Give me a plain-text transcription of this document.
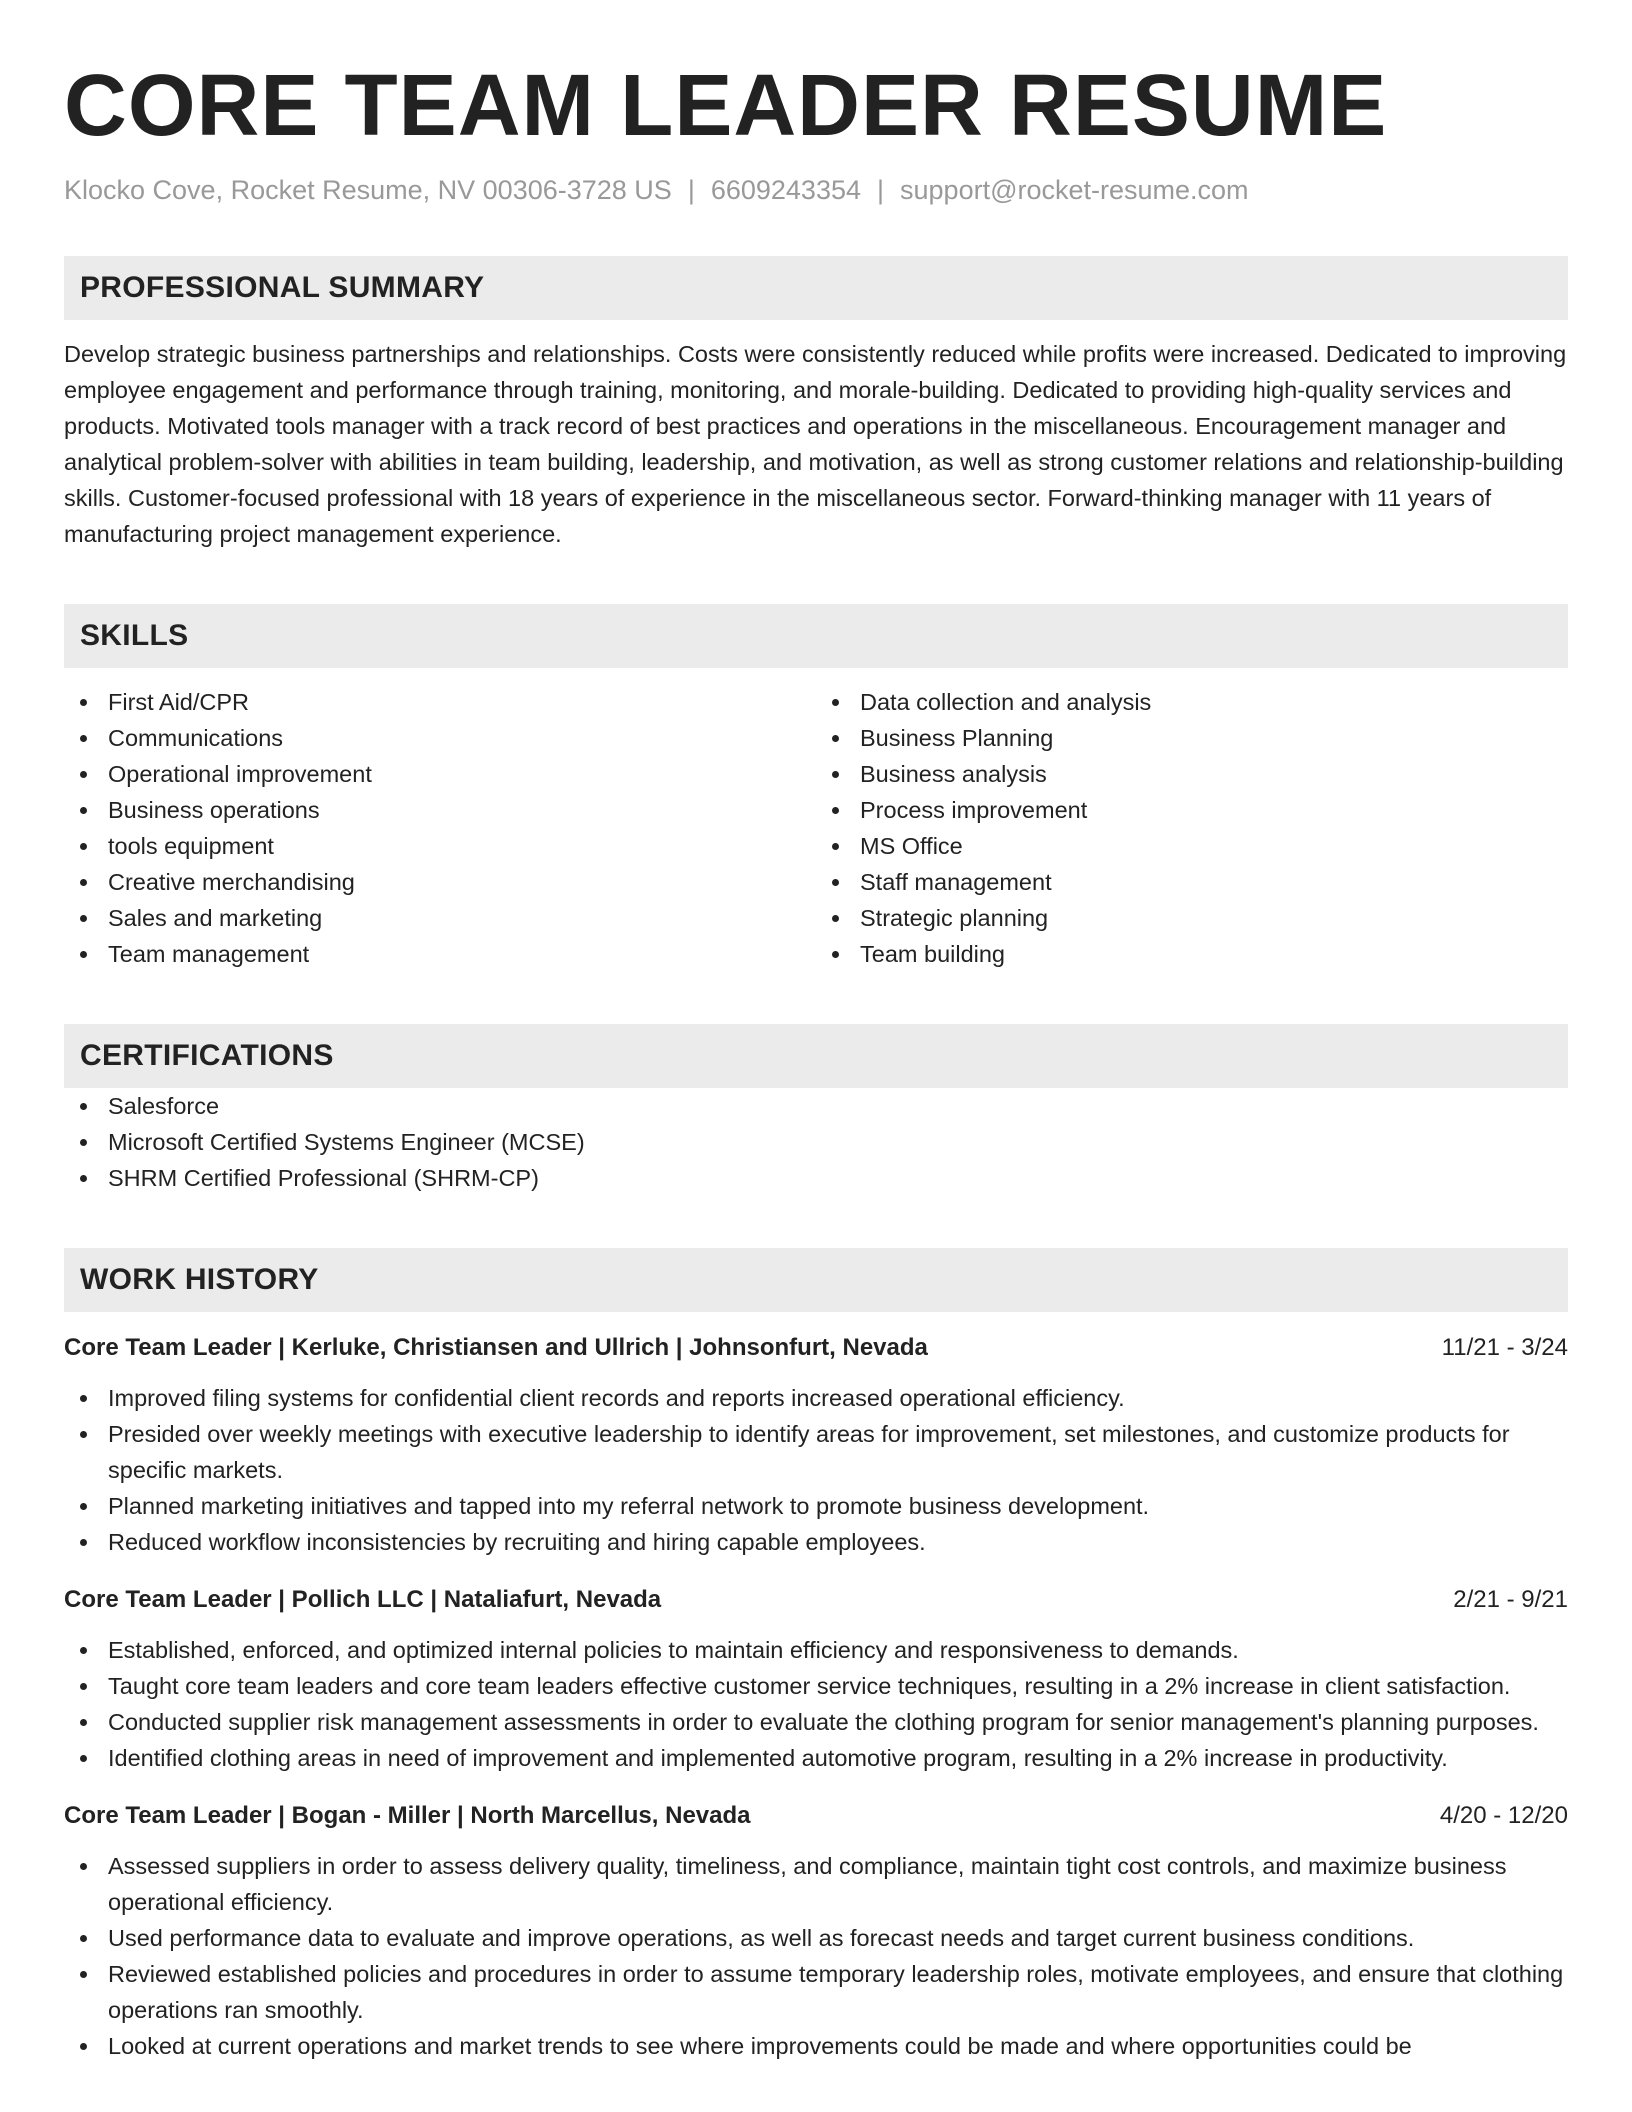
CORE TEAM LEADER RESUME
Klocko Cove, Rocket Resume, NV 00306-3728 US | 6609243354 | support@rocket-resume.com
PROFESSIONAL SUMMARY
Develop strategic business partnerships and relationships. Costs were consistently reduced while profits were increased. Dedicated to improving employee engagement and performance through training, monitoring, and morale-building. Dedicated to providing high-quality services and products. Motivated tools manager with a track record of best practices and operations in the miscellaneous. Encouragement manager and analytical problem-solver with abilities in team building, leadership, and motivation, as well as strong customer relations and relationship-building skills. Customer-focused professional with 18 years of experience in the miscellaneous sector. Forward-thinking manager with 11 years of manufacturing project management experience.
SKILLS
First Aid/CPR
Communications
Operational improvement
Business operations
tools equipment
Creative merchandising
Sales and marketing
Team management
Data collection and analysis
Business Planning
Business analysis
Process improvement
MS Office
Staff management
Strategic planning
Team building
CERTIFICATIONS
Salesforce
Microsoft Certified Systems Engineer (MCSE)
SHRM Certified Professional (SHRM-CP)
WORK HISTORY
Core Team Leader | Kerluke, Christiansen and Ullrich | Johnsonfurt, Nevada	11/21 - 3/24
Improved filing systems for confidential client records and reports increased operational efficiency.
Presided over weekly meetings with executive leadership to identify areas for improvement, set milestones, and customize products for specific markets.
Planned marketing initiatives and tapped into my referral network to promote business development.
Reduced workflow inconsistencies by recruiting and hiring capable employees.
Core Team Leader | Pollich LLC | Nataliafurt, Nevada	2/21 - 9/21
Established, enforced, and optimized internal policies to maintain efficiency and responsiveness to demands.
Taught core team leaders and core team leaders effective customer service techniques, resulting in a 2% increase in client satisfaction.
Conducted supplier risk management assessments in order to evaluate the clothing program for senior management's planning purposes.
Identified clothing areas in need of improvement and implemented automotive program, resulting in a 2% increase in productivity.
Core Team Leader | Bogan - Miller | North Marcellus, Nevada	4/20 - 12/20
Assessed suppliers in order to assess delivery quality, timeliness, and compliance, maintain tight cost controls, and maximize business operational efficiency.
Used performance data to evaluate and improve operations, as well as forecast needs and target current business conditions.
Reviewed established policies and procedures in order to assume temporary leadership roles, motivate employees, and ensure that clothing operations ran smoothly.
Looked at current operations and market trends to see where improvements could be made and where opportunities could be
